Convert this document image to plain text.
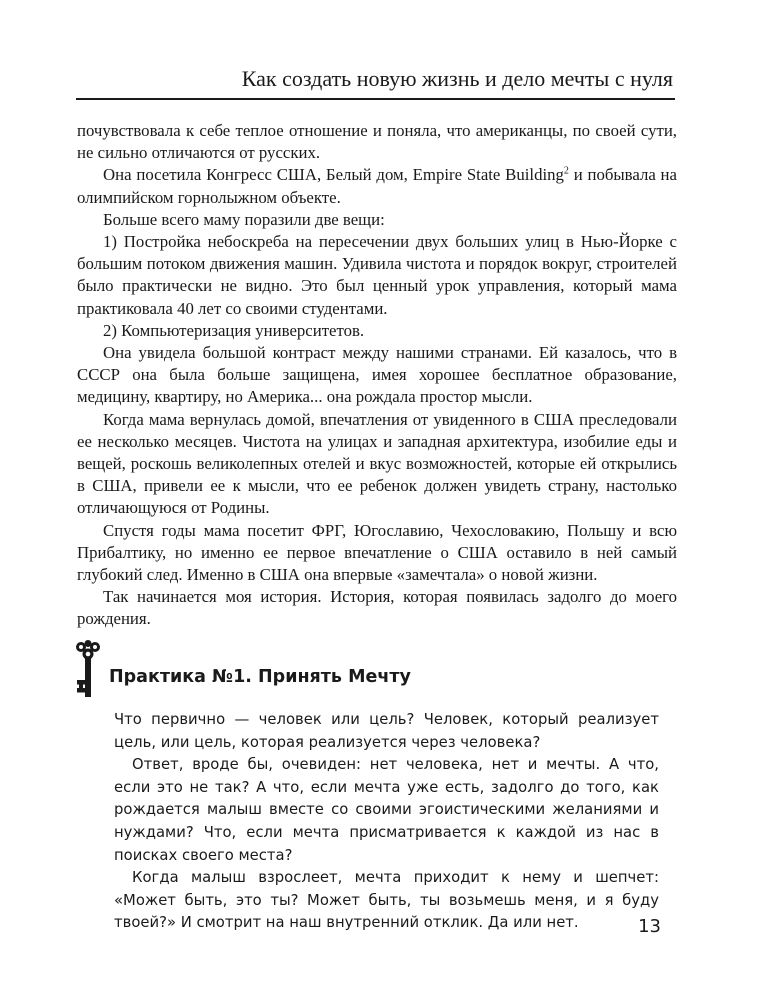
Как создать новую жизнь и дело мечты с нуля

почувствовала к себе теплое отношение и поняла, что американцы, по своей сути, не сильно отличаются от русских.

Она посетила Конгресс США, Белый дом, Empire State Building$^2$ и побывала на олимпийском горнолыжном объекте.

Больше всего маму поразили две вещи:

1) Постройка небоскреба на пересечении двух больших улиц в Нью-Йорке с большим потоком движения машин. Удивила чистота и порядок вокруг, строителей было практически не видно. Это был ценный урок управления, который мама практиковала 40 лет со своими студентами.

2) Компьютеризация университетов.

Она увидела большой контраст между нашими странами. Ей казалось, что в СССР она была больше защищена, имея хорошее бесплатное образование, медицину, квартиру, но Америка... она рождала простор мысли.

Когда мама вернулась домой, впечатления от увиденного в США преследовали ее несколько месяцев. Чистота на улицах и западная архитектура, изобилие еды и вещей, роскошь великолепных отелей и вкус возможностей, которые ей открылись в США, привели ее к мысли, что ее ребенок должен увидеть страну, настолько отличающуюся от Родины.

Спустя годы мама посетит ФРГ, Югославию, Чехословакию, Польшу и всю Прибалтику, но именно ее первое впечатление о США оставило в ней самый глубокий след. Именно в США она впервые «замечтала» о новой жизни.

Так начинается моя история. История, которая появилась задолго до моего рождения.

Практика №1. Принять Мечту

Что первично — человек или цель? Человек, который реализует цель, или цель, которая реализуется через человека?

Ответ, вроде бы, очевиден: нет человека, нет и мечты. А что, если это не так? А что, если мечта уже есть, задолго до того, как рождается малыш вместе со своими эгоистическими желаниями и нуждами? Что, если мечта присматривается к каждой из нас в поисках своего места?

Когда малыш взрослеет, мечта приходит к нему и шепчет: «Может быть, это ты? Может быть, ты возьмешь меня, и я буду твоей?» И смотрит на наш внутренний отклик. Да или нет.	13
